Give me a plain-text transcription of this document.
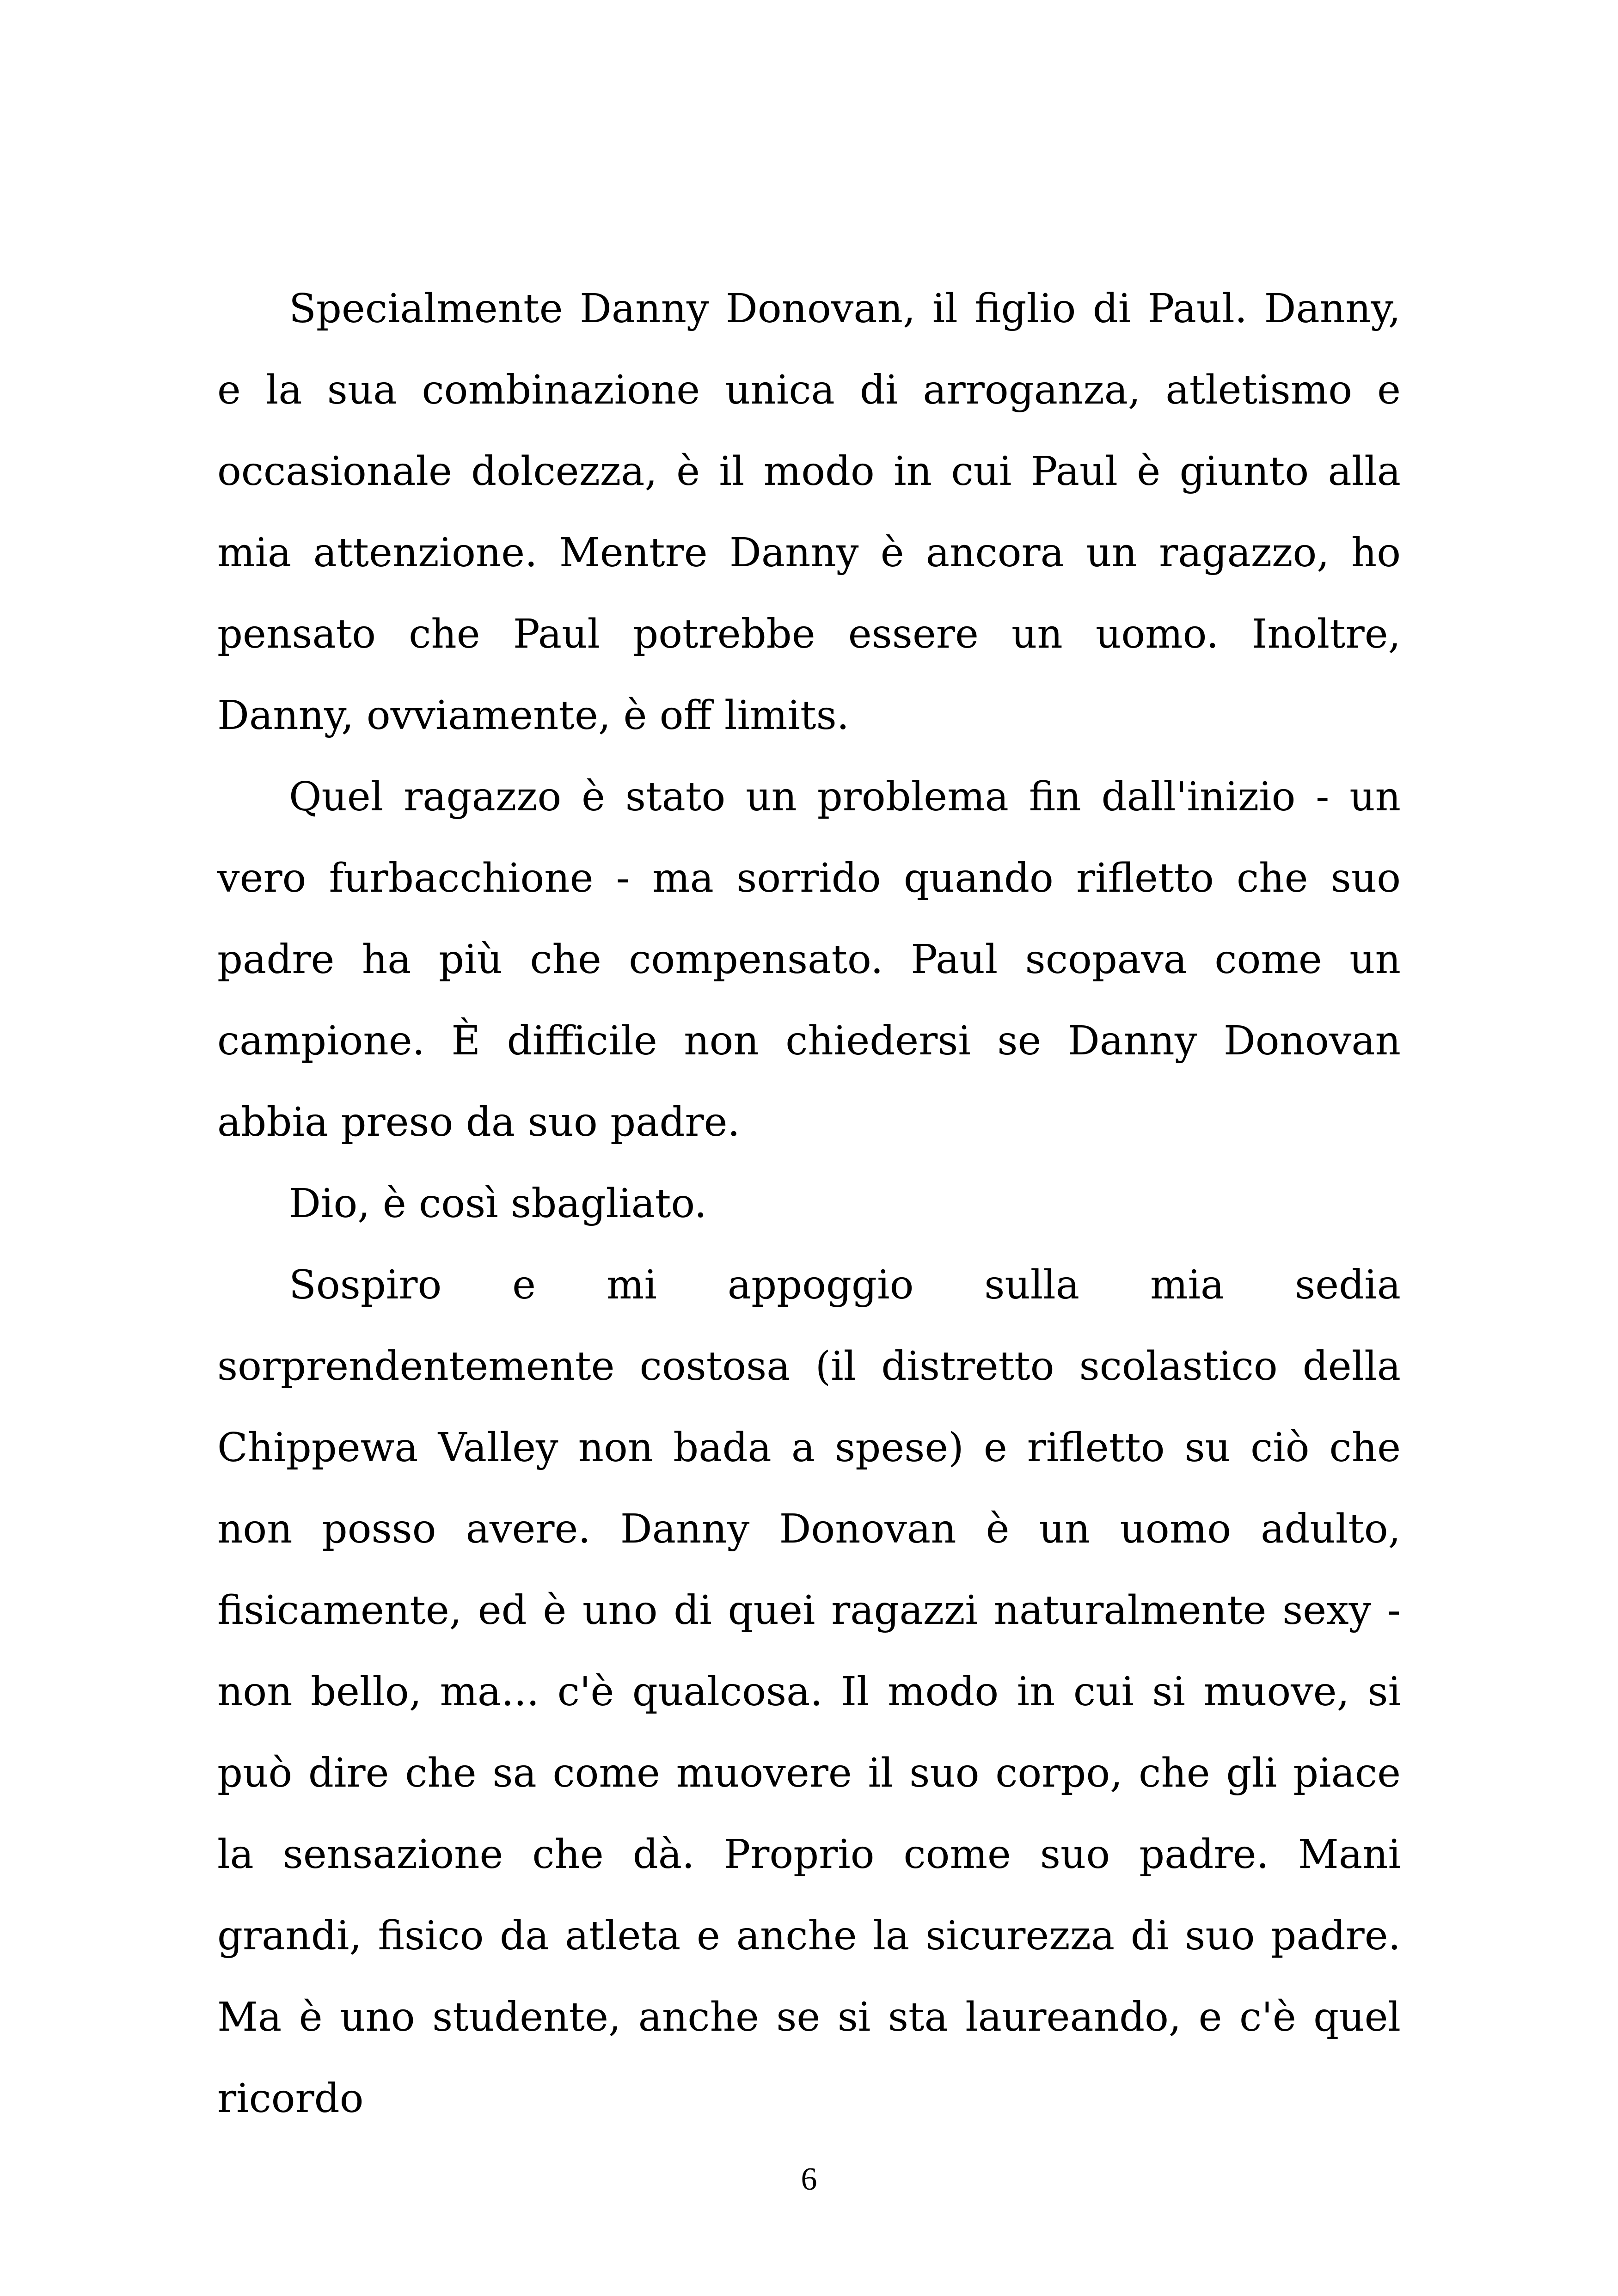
Specialmente Danny Donovan, il figlio di Paul. Danny, e la sua combinazione unica di arroganza, atletismo e occasionale dolcezza, è il modo in cui Paul è giunto alla mia attenzione. Mentre Danny è ancora un ragazzo, ho pensato che Paul potrebbe essere un uomo. Inoltre, Danny, ovviamente, è off limits.

Quel ragazzo è stato un problema fin dall'inizio - un vero furbacchione - ma sorrido quando rifletto che suo padre ha più che compensato. Paul scopava come un campione. È difficile non chiedersi se Danny Donovan abbia preso da suo padre.

Dio, è così sbagliato.

Sospiro e mi appoggio sulla mia sedia sorprendentemente costosa (il distretto scolastico della Chippewa Valley non bada a spese) e rifletto su ciò che non posso avere. Danny Donovan è un uomo adulto, fisicamente, ed è uno di quei ragazzi naturalmente sexy - non bello, ma... c'è qualcosa. Il modo in cui si muove, si può dire che sa come muovere il suo corpo, che gli piace la sensazione che dà. Proprio come suo padre. Mani grandi, fisico da atleta e anche la sicurezza di suo padre. Ma è uno studente, anche se si sta laureando, e c'è quel ricordo

6
